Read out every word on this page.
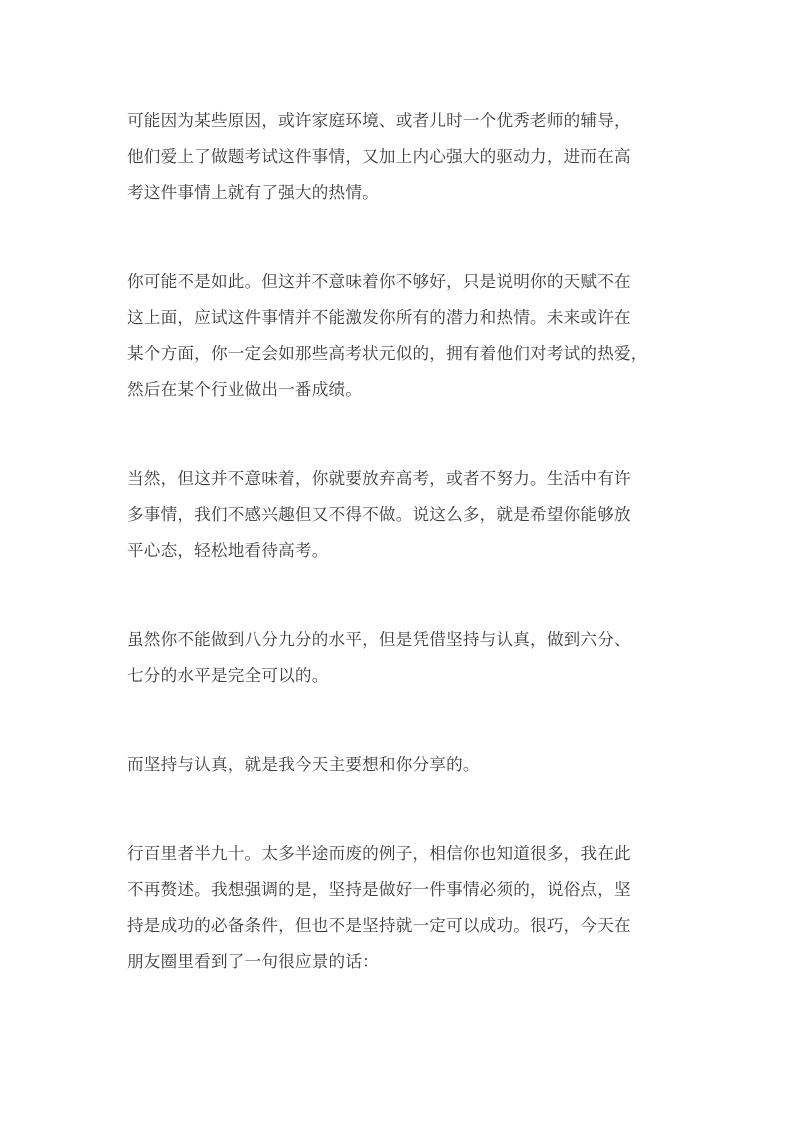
可能因为某些原因，或许家庭环境、或者儿时一个优秀老师的辅导，
他们爱上了做题考试这件事情，又加上内心强大的驱动力，进而在高
考这件事情上就有了强大的热情。
你可能不是如此。但这并不意味着你不够好，只是说明你的天赋不在
这上面，应试这件事情并不能激发你所有的潜力和热情。未来或许在
某个方面，你一定会如那些高考状元似的，拥有着他们对考试的热爱，
然后在某个行业做出一番成绩。
当然，但这并不意味着，你就要放弃高考，或者不努力。生活中有许
多事情，我们不感兴趣但又不得不做。说这么多，就是希望你能够放
平心态，轻松地看待高考。
虽然你不能做到八分九分的水平，但是凭借坚持与认真，做到六分、
七分的水平是完全可以的。
而坚持与认真，就是我今天主要想和你分享的。
行百里者半九十。太多半途而废的例子，相信你也知道很多，我在此
不再赘述。我想强调的是，坚持是做好一件事情必须的，说俗点，坚
持是成功的必备条件，但也不是坚持就一定可以成功。很巧，今天在
朋友圈里看到了一句很应景的话：
